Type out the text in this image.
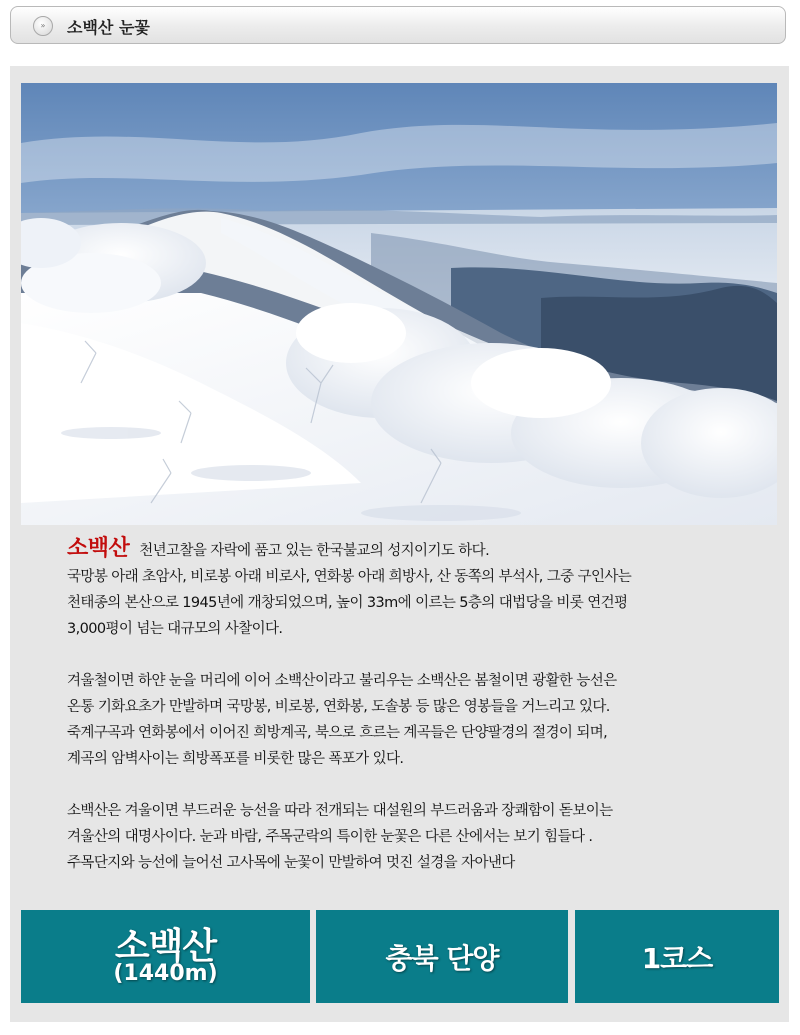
»	소백산 눈꽃
소백산 천년고찰을 자락에 품고 있는 한국불교의 성지이기도 하다.

국망봉 아래 초암사, 비로봉 아래 비로사, 연화봉 아래 희방사, 산 동쪽의 부석사, 그중 구인사는

천태종의 본산으로 1945년에 개창되었으며, 높이 33m에 이르는 5층의 대법당을 비롯 연건평

3,000평이 넘는 대규모의 사찰이다.

겨울철이면 하얀 눈을 머리에 이어 소백산이라고 불리우는 소백산은 봄철이면 광활한 능선은

온통 기화요초가 만발하며 국망봉, 비로봉, 연화봉, 도솔봉 등 많은 영봉들을 거느리고 있다.

죽계구곡과 연화봉에서 이어진 희방계곡, 북으로 흐르는 계곡들은 단양팔경의 절경이 되며,

계곡의 암벽사이는 희방폭포를 비롯한 많은 폭포가 있다.

소백산은 겨울이면 부드러운 능선을 따라 전개되는 대설원의 부드러움과 장쾌함이 돋보이는

겨울산의 대명사이다. 눈과 바람, 주목군락의 특이한 눈꽃은 다른 산에서는 보기 힘들다 .

주목단지와 능선에 늘어선 고사목에 눈꽃이 만발하여 멋진 설경을 자아낸다

소백산
(1440m)	충북 단양	1코스
